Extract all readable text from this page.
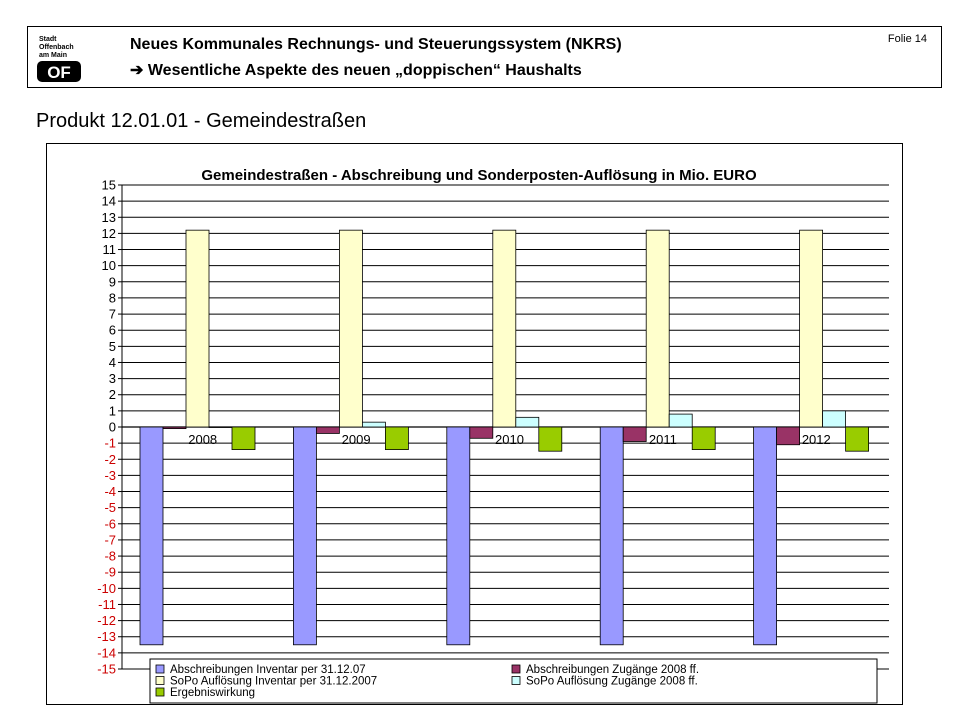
Stadt
Offenbach
am Main
OF
Neues Kommunales Rechnungs- und Steuerungssystem (NKRS)
➔ Wesentliche Aspekte des neuen „doppischen“ Haushalts
Folie 14
Produkt 12.01.01 - Gemeindestraßen
Gemeindestraßen - Abschreibung und Sonderposten-Auflösung in Mio. EURO
-15
-14
-13
-12
-11
-10
-9
-8
-7
-6
-5
-4
-3
-2
-1
0
1
2
3
4
5
6
7
8
9
10
11
12
13
14
15
2008	2009	2010	2011	2012
Abschreibungen Inventar per 31.12.07	Abschreibungen Zugänge 2008 ff.
SoPo Auflösung Inventar per 31.12.2007	SoPo Auflösung Zugänge 2008 ff.
Ergebniswirkung
